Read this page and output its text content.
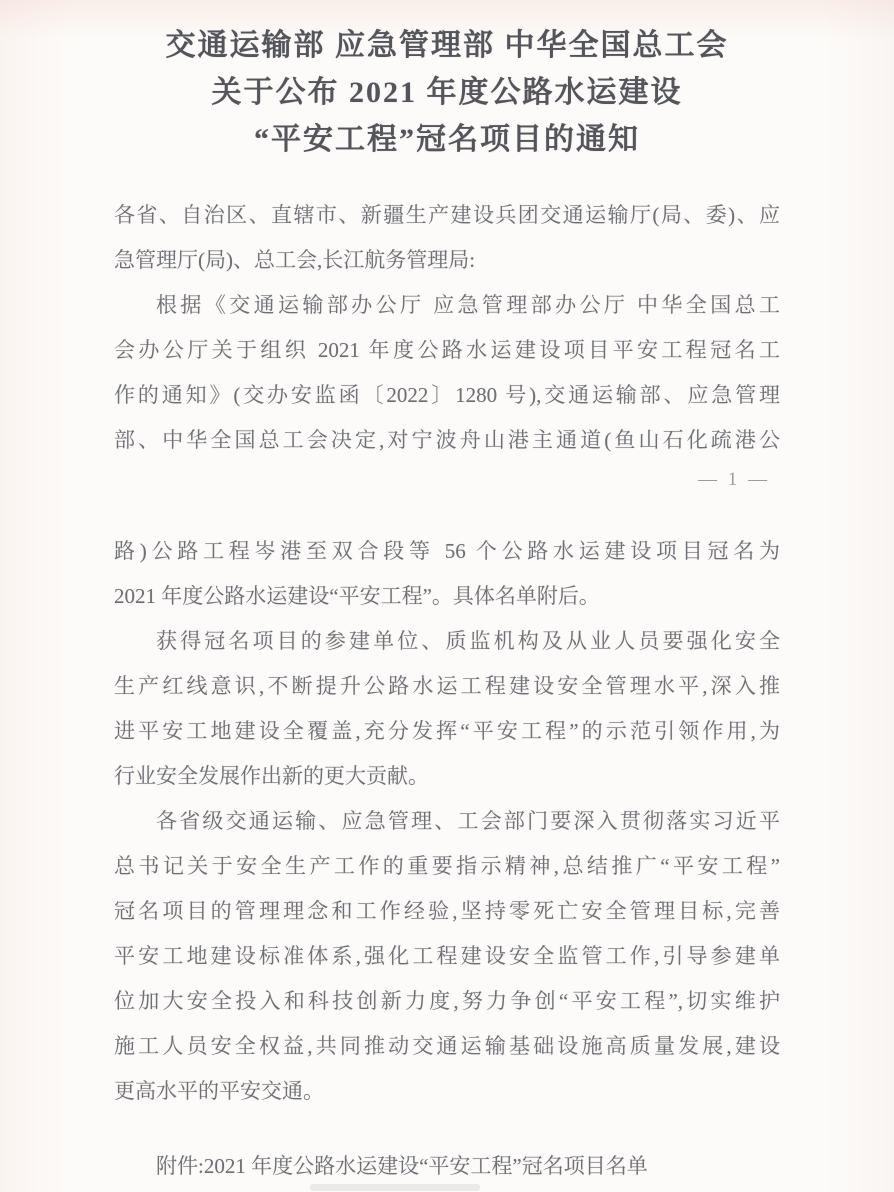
交通运输部 应急管理部 中华全国总工会
关于公布 2021 年度公路水运建设
“平安工程”冠名项目的通知
各省、自治区、直辖市、新疆生产建设兵团交通运输厅(局、委)、应
急管理厅(局)、总工会,长江航务管理局:
根据《交通运输部办公厅 应急管理部办公厅 中华全国总工
会办公厅关于组织 2021 年度公路水运建设项目平安工程冠名工
作的通知》(交办安监函〔2022〕1280 号),交通运输部、应急管理
部、中华全国总工会决定,对宁波舟山港主通道(鱼山石化疏港公
— 1 —
路)公路工程岑港至双合段等 56 个公路水运建设项目冠名为
2021 年度公路水运建设“平安工程”。具体名单附后。
获得冠名项目的参建单位、质监机构及从业人员要强化安全
生产红线意识,不断提升公路水运工程建设安全管理水平,深入推
进平安工地建设全覆盖,充分发挥“平安工程”的示范引领作用,为
行业安全发展作出新的更大贡献。
各省级交通运输、应急管理、工会部门要深入贯彻落实习近平
总书记关于安全生产工作的重要指示精神,总结推广“平安工程”
冠名项目的管理理念和工作经验,坚持零死亡安全管理目标,完善
平安工地建设标准体系,强化工程建设安全监管工作,引导参建单
位加大安全投入和科技创新力度,努力争创“平安工程”,切实维护
施工人员安全权益,共同推动交通运输基础设施高质量发展,建设
更高水平的平安交通。
附件:2021 年度公路水运建设“平安工程”冠名项目名单
